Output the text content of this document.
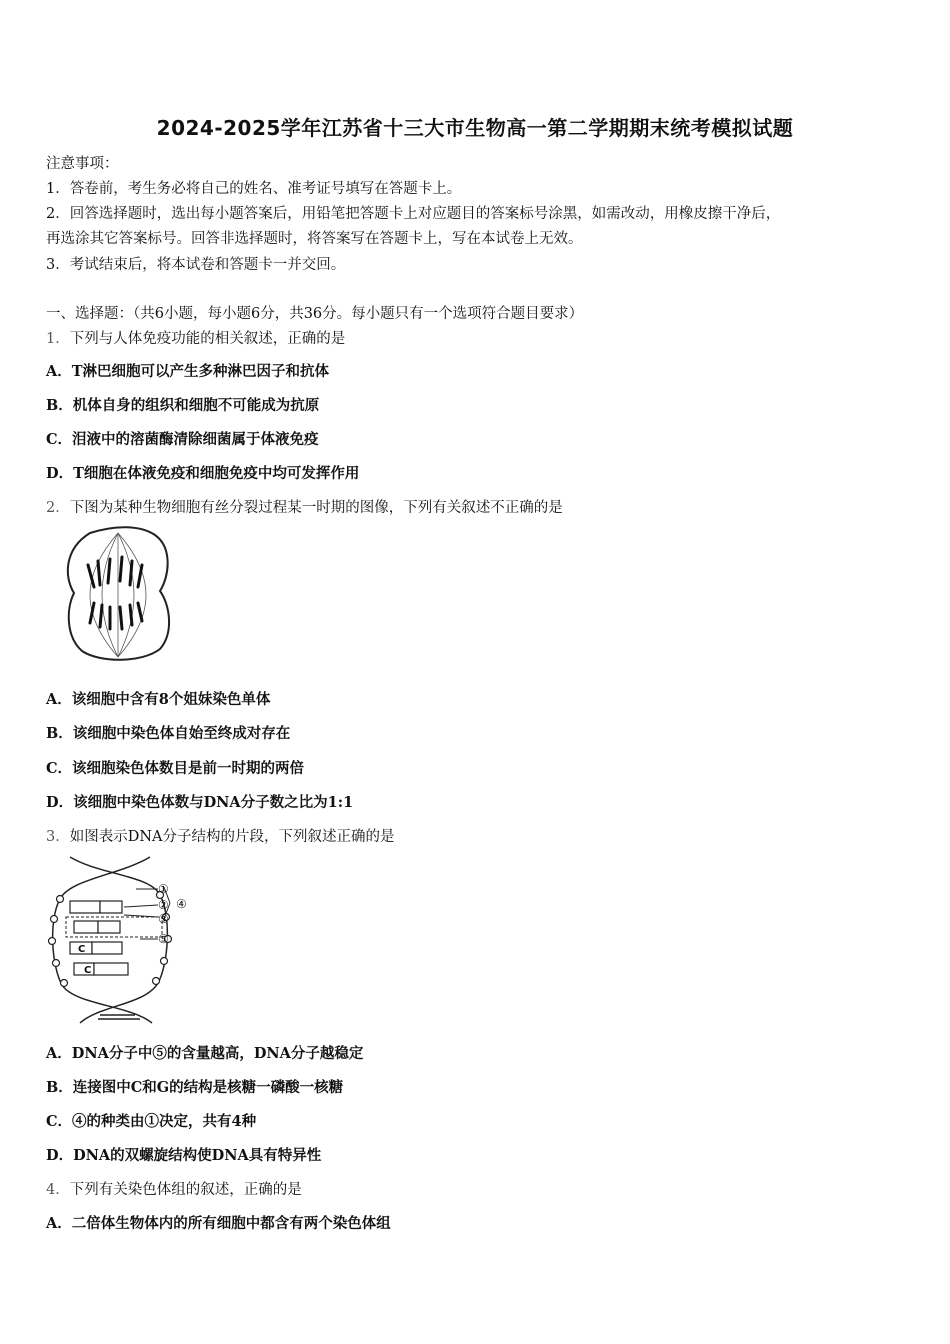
2024-2025学年江苏省十三大市生物高一第二学期期末统考模拟试题
注意事项：
1．答卷前，考生务必将自己的姓名、准考证号填写在答题卡上。
2．回答选择题时，选出每小题答案后，用铅笔把答题卡上对应题目的答案标号涂黑，如需改动，用橡皮擦干净后，
再选涂其它答案标号。回答非选择题时，将答案写在答题卡上，写在本试卷上无效。
3．考试结束后，将本试卷和答题卡一并交回。
一、选择题：（共6小题，每小题6分，共36分。每小题只有一个选项符合题目要求）
1．下列与人体免疫功能的相关叙述，正确的是
A．T淋巴细胞可以产生多种淋巴因子和抗体
B．机体自身的组织和细胞不可能成为抗原
C．泪液中的溶菌酶清除细菌属于体液免疫
D．T细胞在体液免疫和细胞免疫中均可发挥作用
2．下图为某种生物细胞有丝分裂过程某一时期的图像，下列有关叙述不正确的是
A．该细胞中含有8个姐妹染色单体
B．该细胞中染色体自始至终成对存在
C．该细胞染色体数目是前一时期的两倍
D．该细胞中染色体数与DNA分子数之比为1:1
3．如图表示DNA分子结构的片段，下列叙述正确的是
C
C
①
②
③
④
⑤
A．DNA分子中⑤的含量越高，DNA分子越稳定
B．连接图中C和G的结构是核糖一磷酸一核糖
C．④的种类由①决定，共有4种
D．DNA的双螺旋结构使DNA具有特异性
4．下列有关染色体组的叙述，正确的是
A．二倍体生物体内的所有细胞中都含有两个染色体组
